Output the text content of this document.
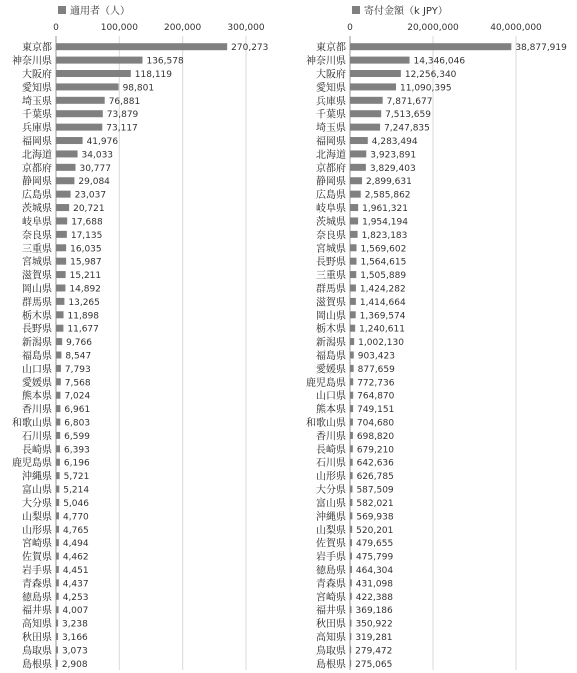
適用者（人）
0	100,000	200,000	300,000
東京都	270,273
神奈川県	136,578
大阪府	118,119
愛知県	98,801
埼玉県	76,881
千葉県	73,879
兵庫県	73,117
福岡県	41,976
北海道	34,033
京都府	30,777
静岡県	29,084
広島県	23,037
茨城県 20,721
岐阜県 17,688
奈良県 17,135
三重県 16,035
宮城県 15,987
滋賀県 15,211
岡山県 14,892
群馬県 13,265
栃木県 11,898
長野県 11,677
新潟県 9,766
福島県 8,547
山口県 7,793
愛媛県 7,568
熊本県 7,024
香川県 6,961
和歌山県 6,803
石川県 6,599
長崎県 6,393
鹿児島県 6,196
沖縄県 5,721
富山県 5,214
大分県 5,046
山梨県 4,770
山形県 4,765
宮崎県 4,494
佐賀県 4,462
岩手県 4,451
青森県 4,437
徳島県 4,253
福井県 4,007
高知県 3,238
秋田県 3,166
鳥取県 3,073
島根県 2,908
寄付金額（k JPY）
0	20,000,000	40,000,000
東京都	38,877,919
神奈川県	14,346,046
大阪府	12,256,340
愛知県	11,090,395
兵庫県	7,871,677
千葉県	7,513,659
埼玉県	7,247,835
福岡県	4,283,494
北海道	3,923,891
京都府	3,829,403
静岡県 2,899,631
広島県 2,585,862
岐阜県 1,961,321
茨城県 1,954,194
奈良県 1,823,183
宮城県 1,569,602
長野県 1,564,615
三重県 1,505,889
群馬県 1,424,282
滋賀県 1,414,664
岡山県 1,369,574
栃木県 1,240,611
新潟県 1,002,130
福島県 903,423
愛媛県 877,659
鹿児島県 772,736
山口県 764,870
熊本県 749,151
和歌山県 704,680
香川県 698,820
長崎県 679,210
石川県 642,636
山形県 626,785
大分県 587,509
富山県 582,021
沖縄県 569,938
山梨県 520,201
佐賀県 479,655
岩手県 475,799
徳島県 464,304
青森県 431,098
宮崎県 422,388
福井県 369,186
秋田県 350,922
高知県 319,281
鳥取県 279,472
島根県 275,065
